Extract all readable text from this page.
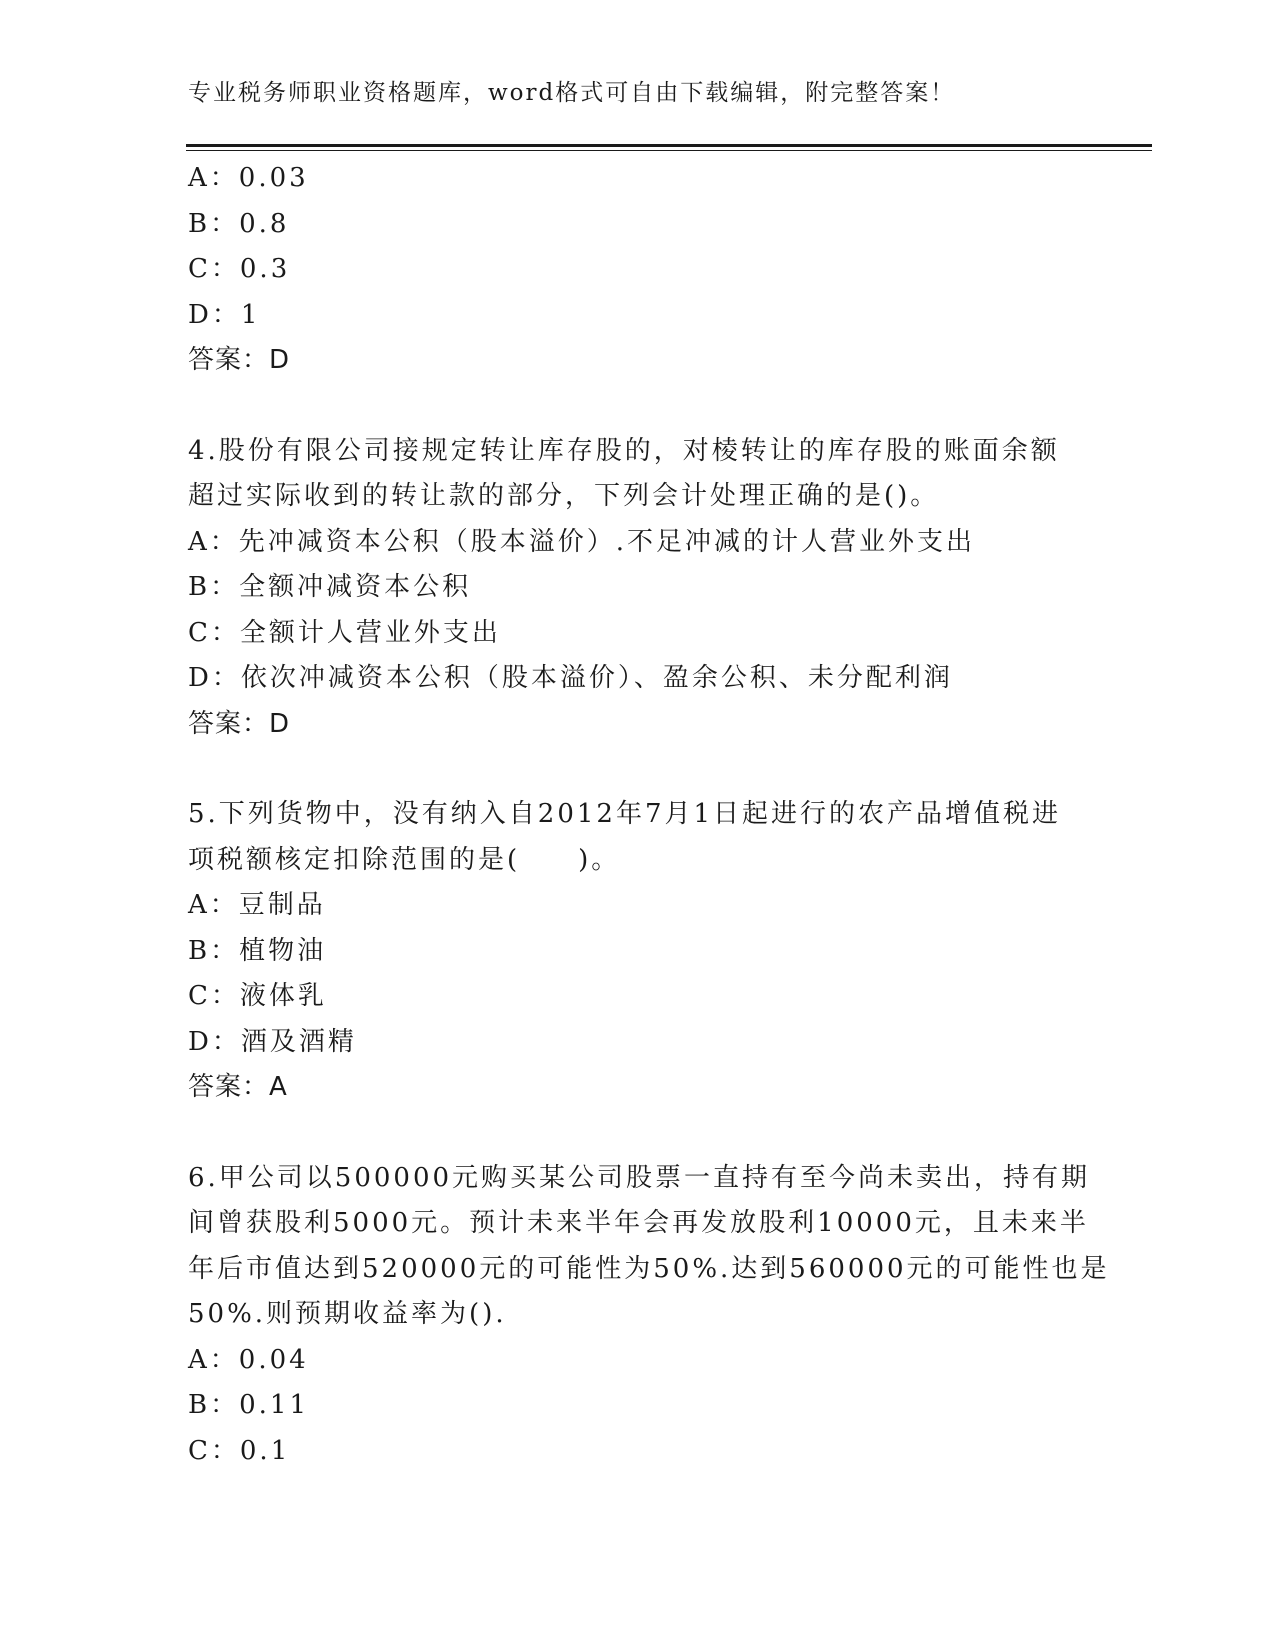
专业税务师职业资格题库，word格式可自由下载编辑，附完整答案！
A：0.03
B：0.8
C：0.3
D：1
答案：D
4.股份有限公司接规定转让库存股的，对棱转让的库存股的账面余额
超过实际收到的转让款的部分，下列会计处理正确的是()。
A：先冲减资本公积（股本溢价）.不足冲减的计人营业外支出
B：全额冲减资本公积
C：全额计人营业外支出
D：依次冲减资本公积（股本溢价）、盈余公积、未分配利润
答案：D
5.下列货物中，没有纳入自2012年7月1日起进行的农产品增值税进
项税额核定扣除范围的是(　　)。
A：豆制品
B：植物油
C：液体乳
D：酒及酒精
答案：A
6.甲公司以500000元购买某公司股票一直持有至今尚未卖出，持有期
间曾获股利5000元。预计未来半年会再发放股利10000元，且未来半
年后市值达到520000元的可能性为50%.达到560000元的可能性也是
50%.则预期收益率为().
A：0.04
B：0.11
C：0.1
